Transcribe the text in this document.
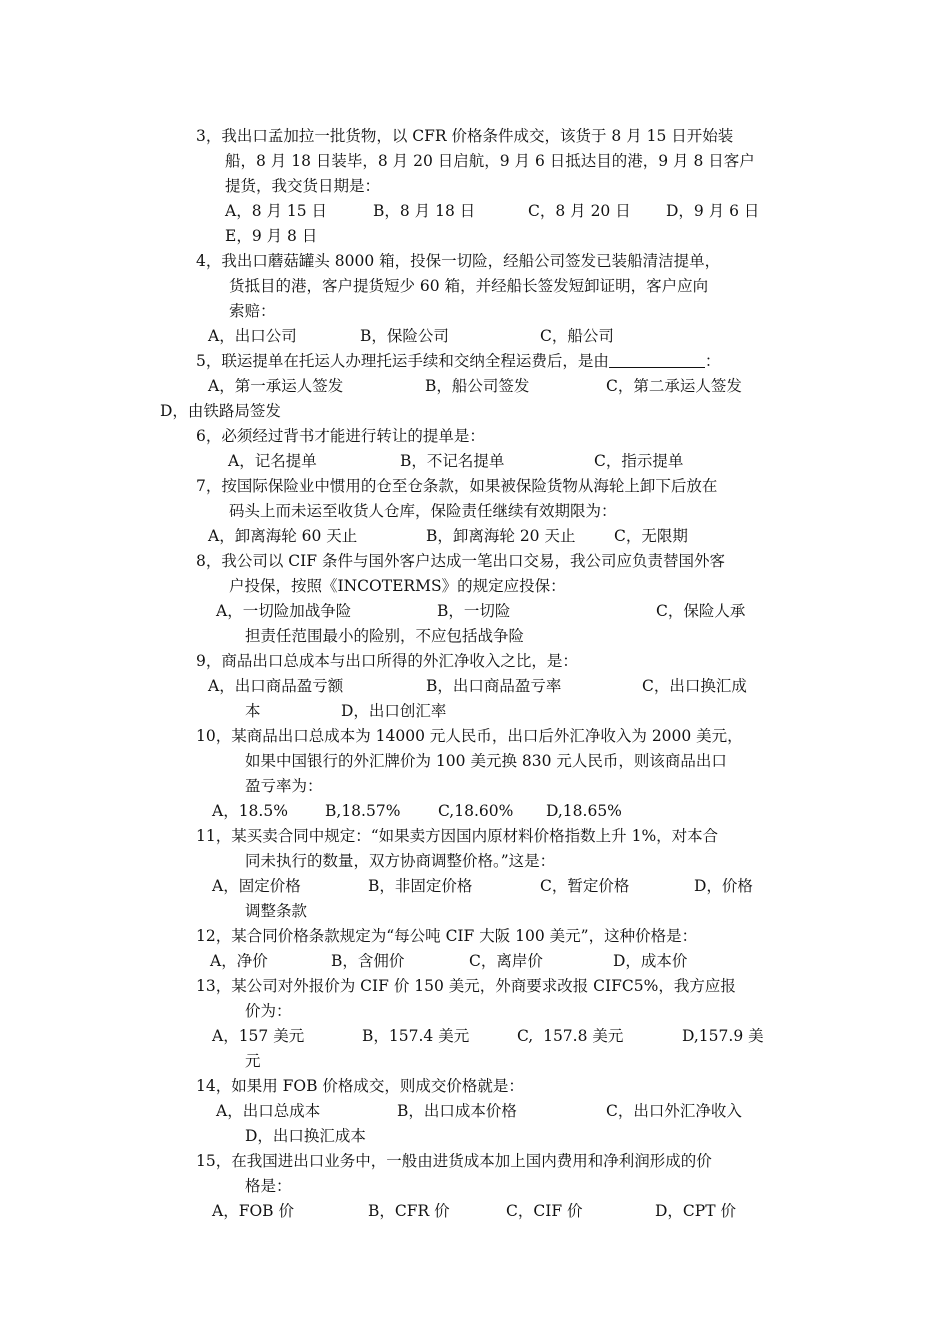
3，我出口孟加拉一批货物，以 CFR 价格条件成交，该货于 8 月 15 日开始装
船，8 月 18 日装毕，8 月 20 日启航，9 月 6 日抵达目的港，9 月 8 日客户
提货，我交货日期是：
A，8 月 15 日	B，8 月 18 日	C，8 月 20 日 D，9 月 6 日
E，9 月 8 日
4，我出口蘑菇罐头 8000 箱，投保一切险，经船公司签发已装船清洁提单，
货抵目的港，客户提货短少 60 箱，并经船长签发短卸证明，客户应向
索赔：
A，出口公司	B，保险公司	C，船公司
5，联运提单在托运人办理托运手续和交纳全程运费后，是由	：
A，第一承运人签发	B，船公司签发	C，第二承运人签发
D，由铁路局签发
6，必须经过背书才能进行转让的提单是：
A，记名提单	B，不记名提单	C，指示提单
7，按国际保险业中惯用的仓至仓条款，如果被保险货物从海轮上卸下后放在
码头上而未运至收货人仓库，保险责任继续有效期限为：
A，卸离海轮 60 天止	B，卸离海轮 20 天止 C，无限期
8，我公司以 CIF 条件与国外客户达成一笔出口交易，我公司应负责替国外客
户投保，按照《INCOTERMS》的规定应投保：
A，一切险加战争险	B，一切险	C，保险人承
担责任范围最小的险别，不应包括战争险
9，商品出口总成本与出口所得的外汇净收入之比，是：
A，出口商品盈亏额	B，出口商品盈亏率	C，出口换汇成
本	D，出口创汇率
10，某商品出口总成本为 14000 元人民币，出口后外汇净收入为 2000 美元，
如果中国银行的外汇牌价为 100 美元换 830 元人民币，则该商品出口
盈亏率为：
A，18.5% B,18.57% C,18.60% D,18.65%
11，某买卖合同中规定：“如果卖方因国内原材料价格指数上升 1%，对本合
同未执行的数量，双方协商调整价格。”这是：
A，固定价格	B，非固定价格	C，暂定价格	D，价格
调整条款
12，某合同价格条款规定为“每公吨 CIF 大阪 100 美元”，这种价格是：
A，净价	B，含佣价	C，离岸价	D，成本价
13，某公司对外报价为 CIF 价 150 美元，外商要求改报 CIFC5%，我方应报
价为：
A，157 美元	B，157.4 美元	C,  157.8 美元	D,157.9 美
元
14，如果用 FOB 价格成交，则成交价格就是：
A，出口总成本	B，出口成本价格	C，出口外汇净收入
D，出口换汇成本
15，在我国进出口业务中，一般由进货成本加上国内费用和净利润形成的价
格是：
A，FOB 价	B，CFR 价	C，CIF 价	D，CPT 价
